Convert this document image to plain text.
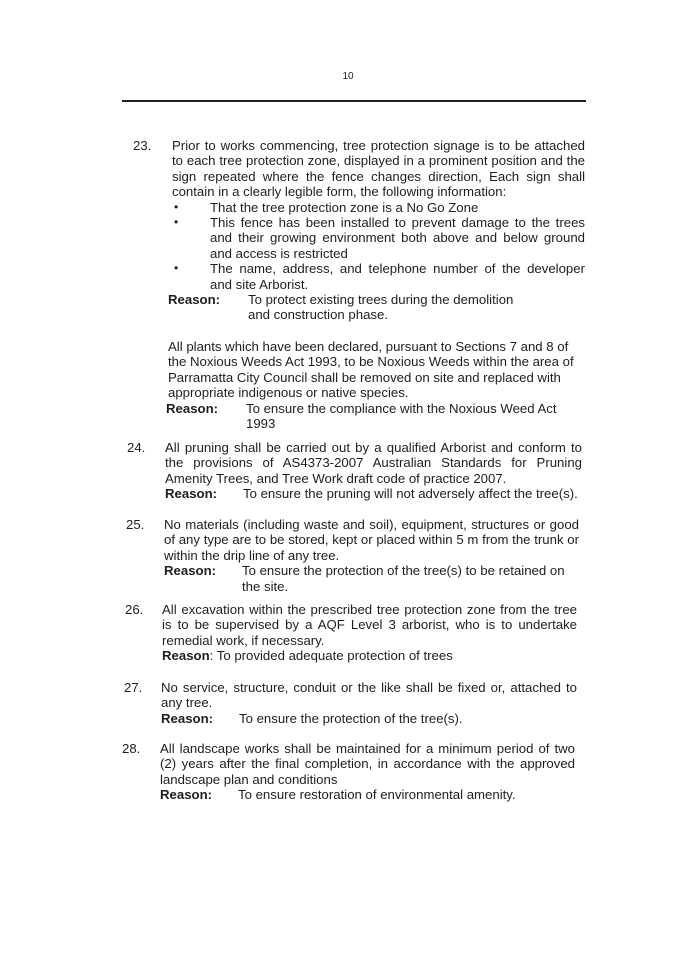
10
23. Prior to works commencing, tree protection signage is to be attached to each tree protection zone, displayed in a prominent position and the sign repeated where the fence changes direction, Each sign shall contain in a clearly legible form, the following information:

• That the tree protection zone is a No Go Zone
• This fence has been installed to prevent damage to the trees and their growing environment both above and below ground and access is restricted
• The name, address, and telephone number of the developer and site Arborist.
Reason:	To protect existing trees during the demolition and construction phase.

All plants which have been declared, pursuant to Sections 7 and 8 of the Noxious Weeds Act 1993, to be Noxious Weeds within the area of Parramatta City Council shall be removed on site and replaced with appropriate indigenous or native species.

Reason:	To ensure the compliance with the Noxious Weed Act 1993
24. All pruning shall be carried out by a qualified Arborist and conform to the provisions of AS4373-2007 Australian Standards for Pruning Amenity Trees, and Tree Work draft code of practice 2007.

Reason:	To ensure the pruning will not adversely affect the tree(s).
25. No materials (including waste and soil), equipment, structures or good of any type are to be stored, kept or placed within 5 m from the trunk or within the drip line of any tree.

Reason:	To ensure the protection of the tree(s) to be retained on the site.
26. All excavation within the prescribed tree protection zone from the tree is to be supervised by a AQF Level 3 arborist, who is to undertake remedial work, if necessary.

Reason: To provided adequate protection of trees
27. No service, structure, conduit or the like shall be fixed or, attached to any tree.

Reason:	To ensure the protection of the tree(s).
28. All landscape works shall be maintained for a minimum period of two (2) years after the final completion, in accordance with the approved landscape plan and conditions

Reason:	To ensure restoration of environmental amenity.
